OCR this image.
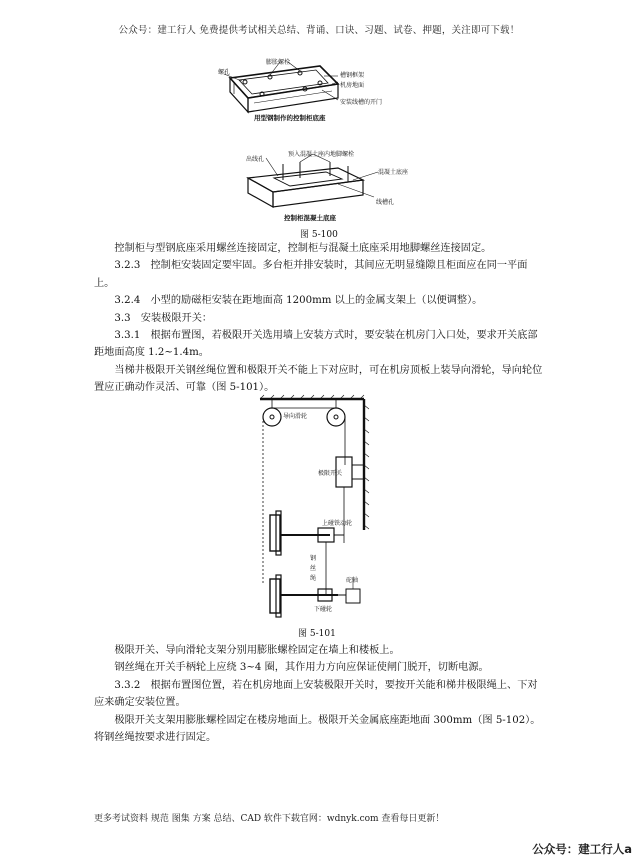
公众号：建工行人 免费提供考试相关总结、背诵、口诀、习题、试卷、押题，关注即可下载！
螺孔
膨胀螺栓
槽钢框架
机房地面
安装线槽的开门
用型钢制作的控制柜底座
出线孔
预入混凝土座内地脚螺栓
混凝土底座
线槽孔
控制柜混凝土底座
图 5-100

控制柜与型钢底座采用螺丝连接固定，控制柜与混凝土底座采用地脚螺丝连接固定。

3.2.3　控制柜安装固定要牢固。多台柜并排安装时，其间应无明显缝隙且柜面应在同一平面上。

3.2.4　小型的励磁柜安装在距地面高 1200mm 以上的金属支架上（以便调整）。

3.3　安装极限开关：

3.3.1　根据布置图，若极限开关选用墙上安装方式时，要安装在机房门入口处，要求开关底部距地面高度 1.2~1.4m。

当梯井极限开关钢丝绳位置和极限开关不能上下对应时，可在机房顶板上装导向滑轮，导向轮位置应正确动作灵活、可靠（图 5-101）。

导向滑轮
极限开关
上碰铁动轮
钢
丝
绳	砣轴
下碰轮
图 5-101

极限开关、导向滑轮支架分别用膨胀螺栓固定在墙上和楼板上。

钢丝绳在开关手柄轮上应绕 3~4 圈，其作用力方向应保证使闸门脱开，切断电源。

3.3.2　根据布置图位置，若在机房地面上安装极限开关时，要按开关能和梯井极限绳上、下对应来确定安装位置。

极限开关支架用膨胀螺栓固定在楼房地面上。极限开关金属底座距地面 300mm（图 5-102）。将钢丝绳按要求进行固定。

更多考试资料 规范 图集 方案 总结、CAD 软件下载官网：wdnyk.com 查看每日更新！
公众号：建工行人a
